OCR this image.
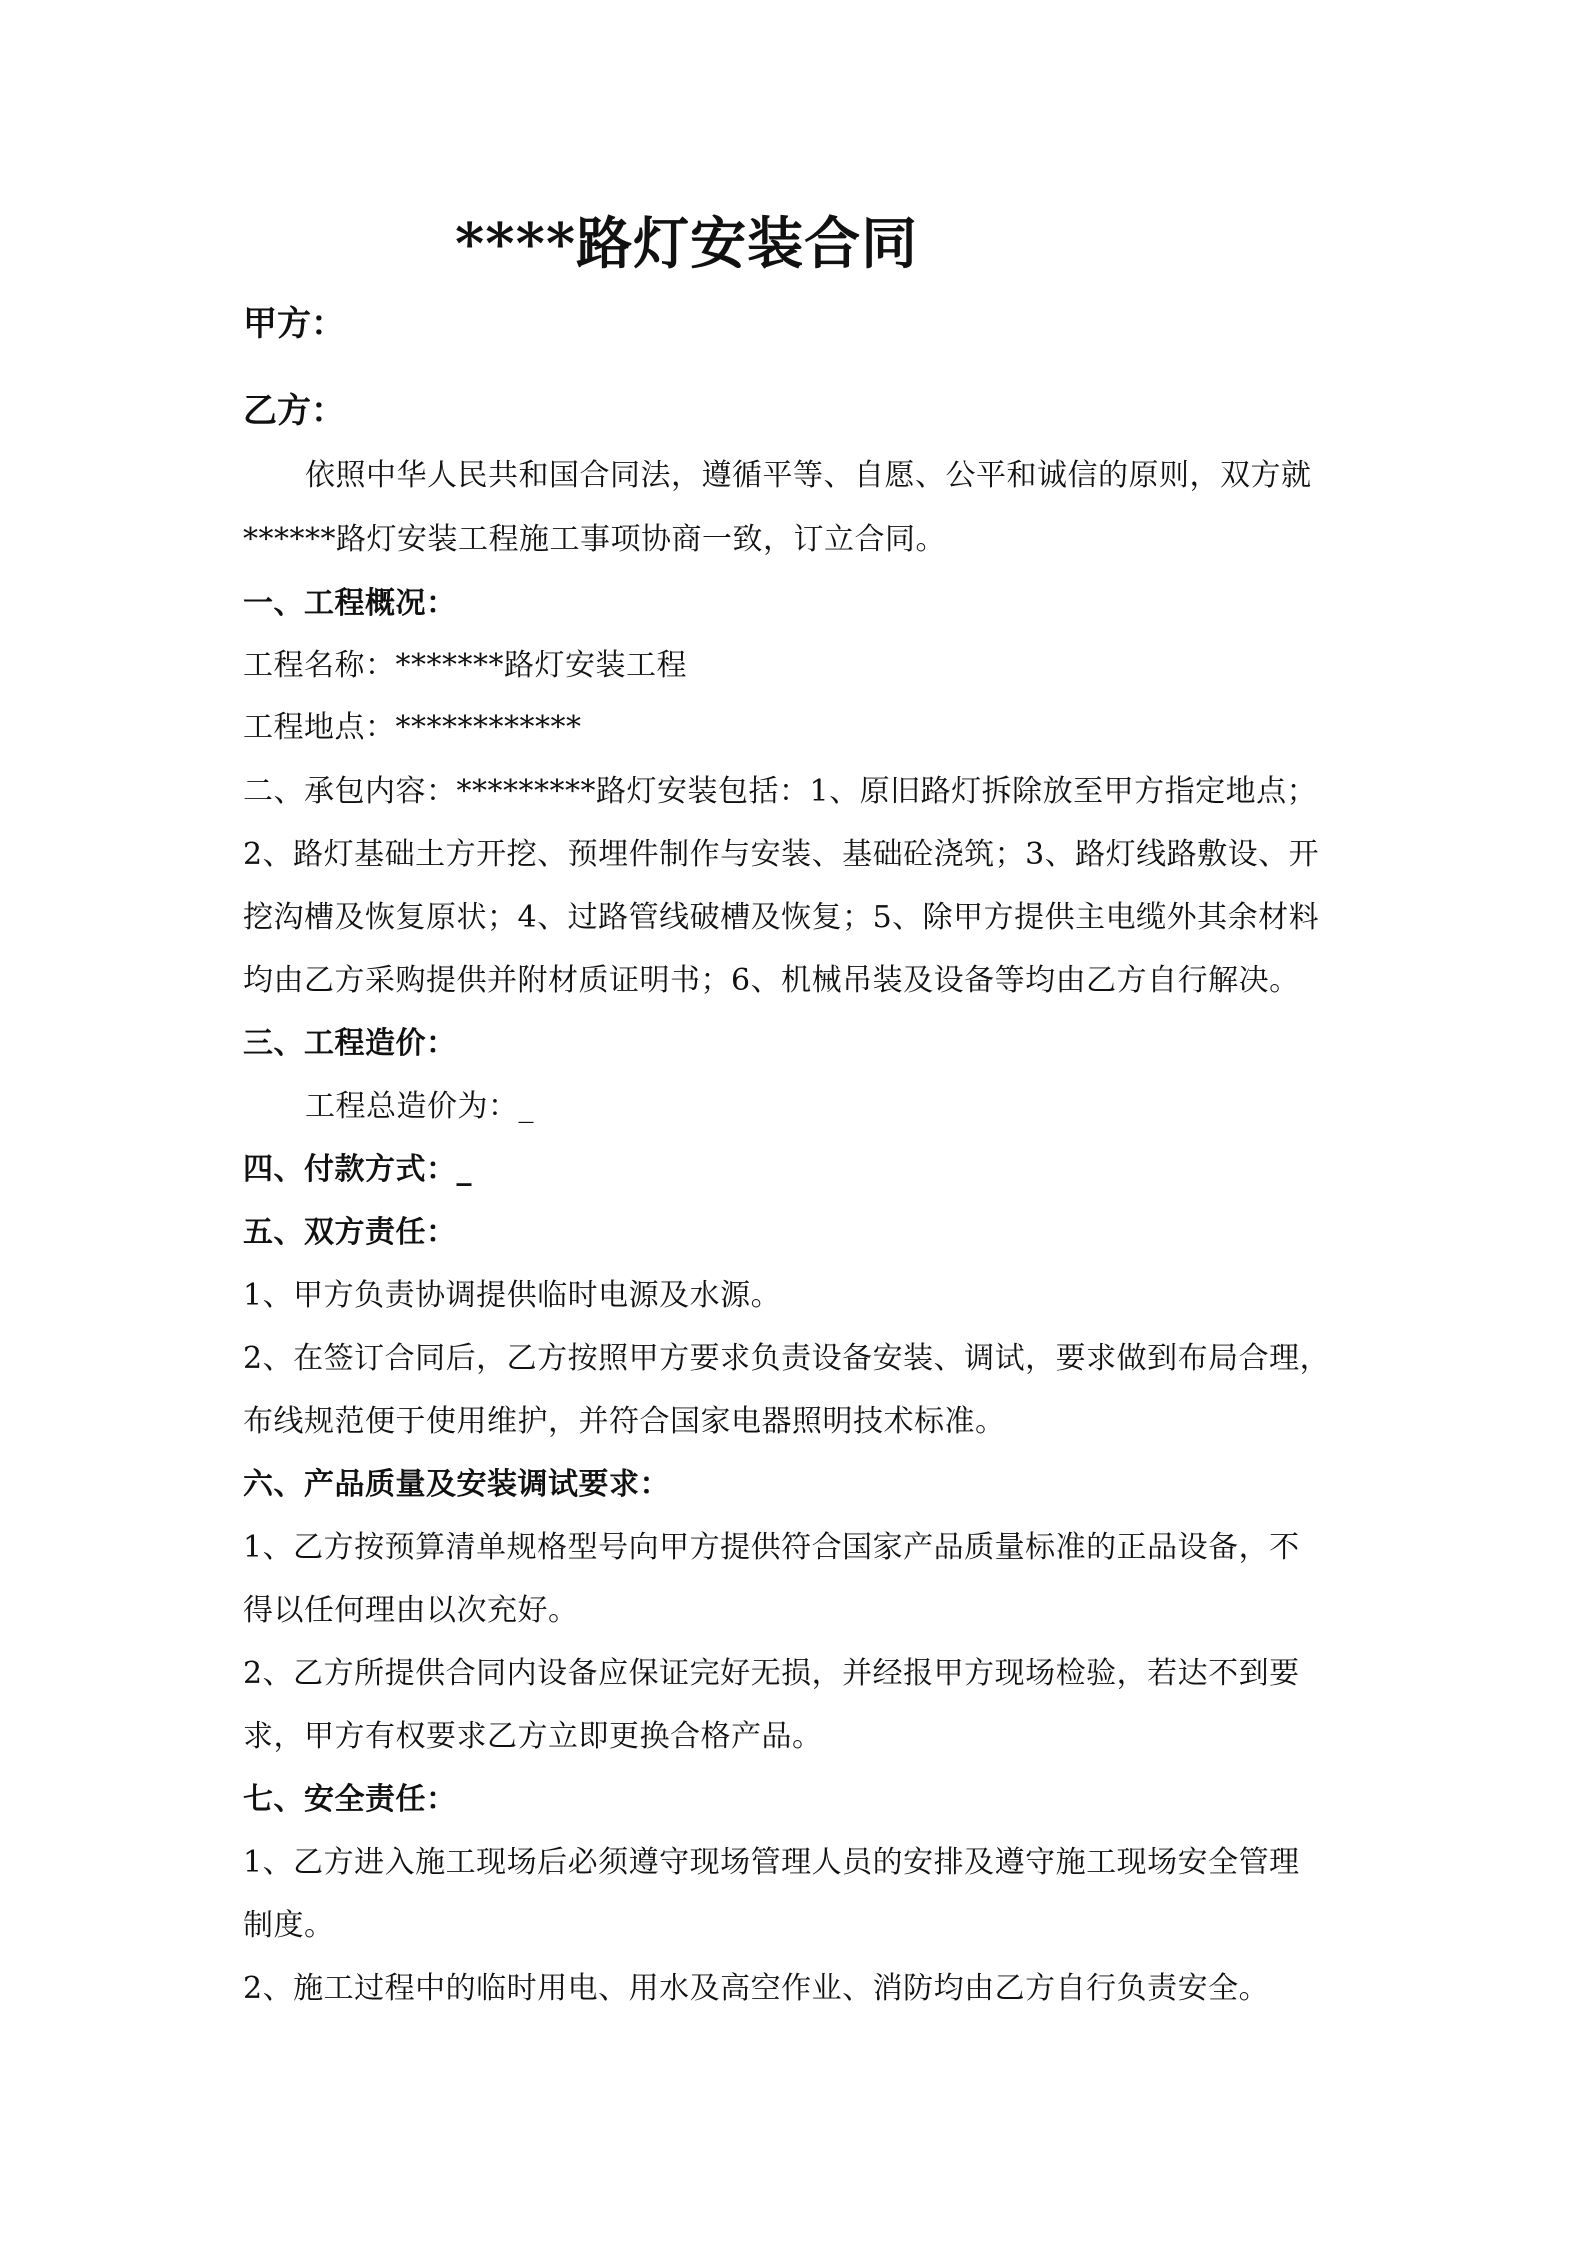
****路灯安装合同
甲方：
乙方：
依照中华人民共和国合同法，遵循平等、自愿、公平和诚信的原则，双方就
******路灯安装工程施工事项协商一致，订立合同。
一、工程概况：
工程名称：*******路灯安装工程
工程地点：************
二、承包内容：*********路灯安装包括：1、原旧路灯拆除放至甲方指定地点；
2、路灯基础土方开挖、预埋件制作与安装、基础砼浇筑；3、路灯线路敷设、开
挖沟槽及恢复原状；4、过路管线破槽及恢复；5、除甲方提供主电缆外其余材料
均由乙方采购提供并附材质证明书；6、机械吊装及设备等均由乙方自行解决。
三、工程造价：
工程总造价为：_
四、付款方式：_
五、双方责任：
1、甲方负责协调提供临时电源及水源。
2、在签订合同后，乙方按照甲方要求负责设备安装、调试，要求做到布局合理，
布线规范便于使用维护，并符合国家电器照明技术标准。
六、产品质量及安装调试要求：
1、乙方按预算清单规格型号向甲方提供符合国家产品质量标准的正品设备，不
得以任何理由以次充好。
2、乙方所提供合同内设备应保证完好无损，并经报甲方现场检验，若达不到要
求，甲方有权要求乙方立即更换合格产品。
七、安全责任：
1、乙方进入施工现场后必须遵守现场管理人员的安排及遵守施工现场安全管理
制度。
2、施工过程中的临时用电、用水及高空作业、消防均由乙方自行负责安全。
